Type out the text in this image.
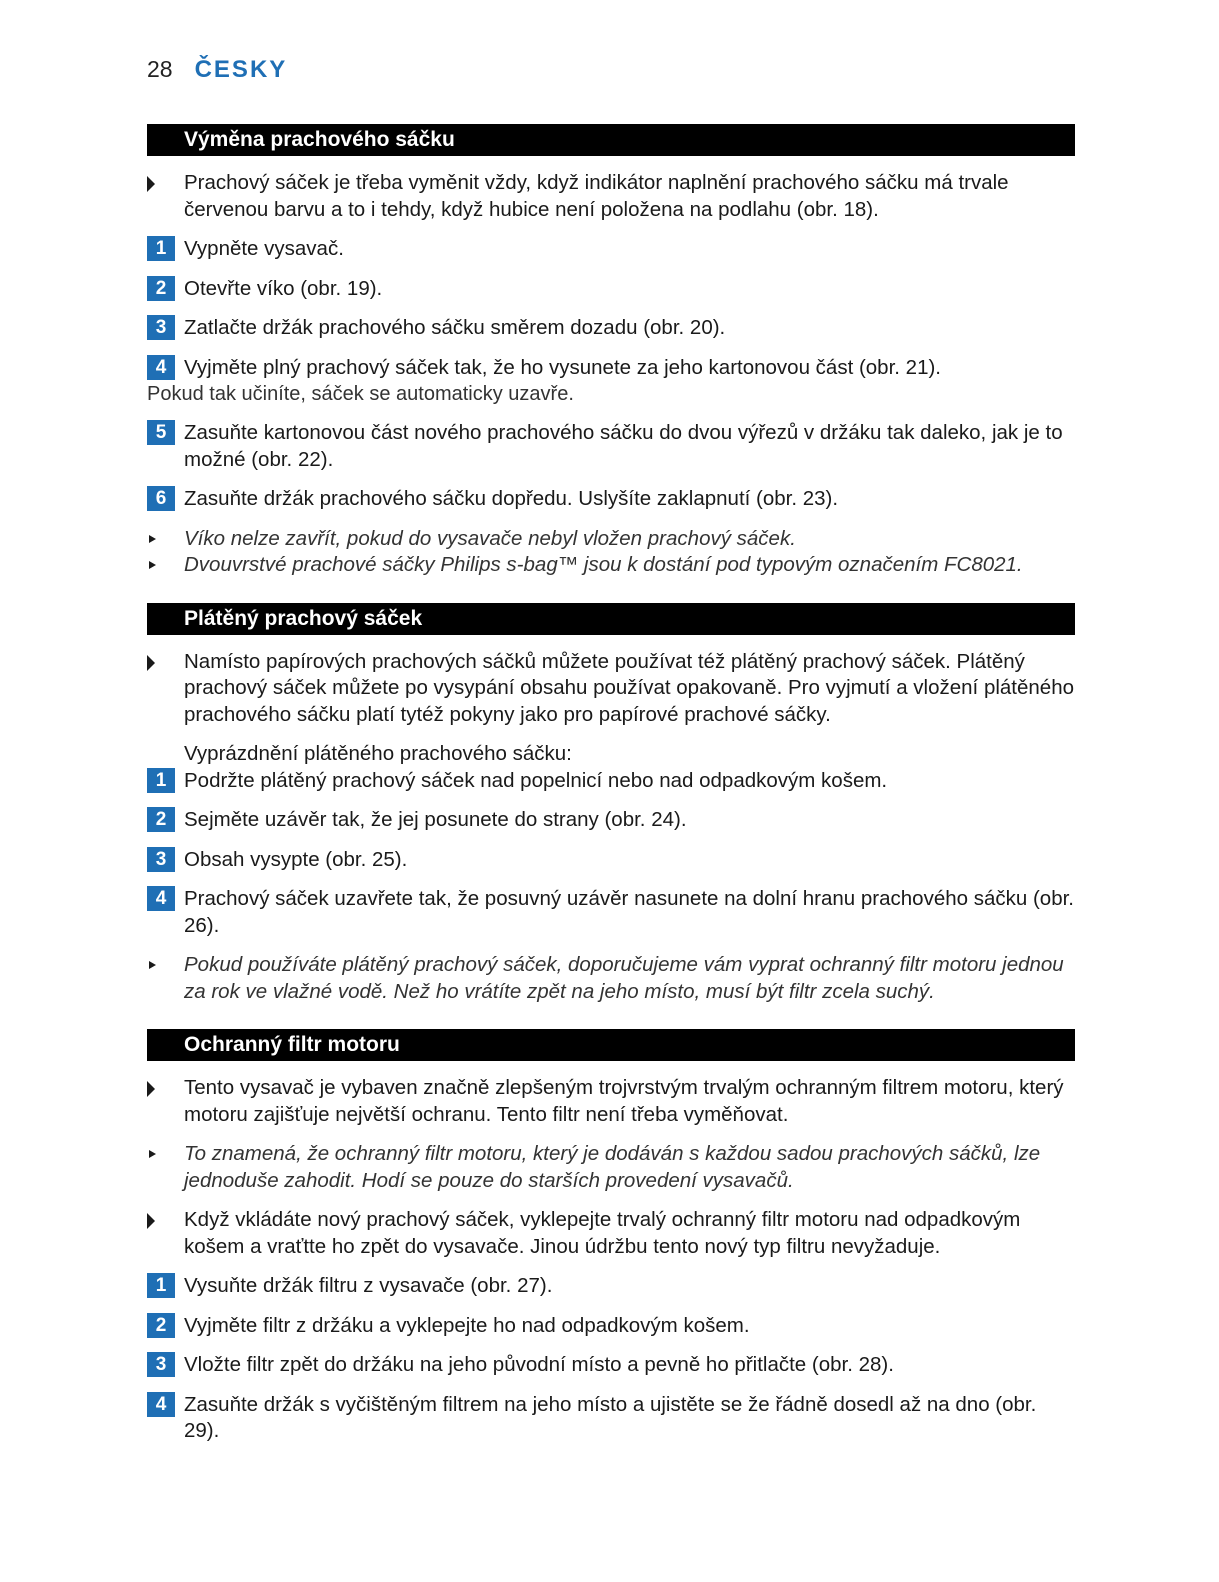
28 ČESKY
Výměna prachového sáčku
Prachový sáček je třeba vyměnit vždy, když indikátor naplnění prachového sáčku má trvale červenou barvu a to i tehdy, když hubice není položena na podlahu (obr. 18).
1 Vypněte vysavač.
2 Otevřte víko (obr. 19).
3 Zatlačte držák prachového sáčku směrem dozadu (obr. 20).
4 Vyjměte plný prachový sáček tak, že ho vysunete za jeho kartonovou část (obr. 21).
Pokud tak učiníte, sáček se automaticky uzavře.
5 Zasuňte kartonovou část nového prachového sáčku do dvou výřezů v držáku tak daleko, jak je to možné (obr. 22).
6 Zasuňte držák prachového sáčku dopředu. Uslyšíte zaklapnutí (obr. 23).
Víko nelze zavřít, pokud do vysavače nebyl vložen prachový sáček.
Dvouvrstvé prachové sáčky Philips s-bag™ jsou k dostání pod typovým označením FC8021.
Plátěný prachový sáček
Namísto papírových prachových sáčků můžete používat též plátěný prachový sáček. Plátěný prachový sáček můžete po vysypání obsahu používat opakovaně. Pro vyjmutí a vložení plátěného prachového sáčku platí tytéž pokyny jako pro papírové prachové sáčky.
Vyprázdnění plátěného prachového sáčku:
1 Podržte plátěný prachový sáček nad popelnicí nebo nad odpadkovým košem.
2 Sejměte uzávěr tak, že jej posunete do strany (obr. 24).
3 Obsah vysypte (obr. 25).
4 Prachový sáček uzavřete tak, že posuvný uzávěr nasunete na dolní hranu prachového sáčku (obr. 26).
Pokud používáte plátěný prachový sáček, doporučujeme vám vyprat ochranný filtr motoru jednou za rok ve vlažné vodě. Než ho vrátíte zpět na jeho místo, musí být filtr zcela suchý.
Ochranný filtr motoru
Tento vysavač je vybaven značně zlepšeným trojvrstvým trvalým ochranným filtrem motoru, který motoru zajišťuje největší ochranu. Tento filtr není třeba vyměňovat.
To znamená, že ochranný filtr motoru, který je dodáván s každou sadou prachových sáčků, lze jednoduše zahodit. Hodí se pouze do starších provedení vysavačů.
Když vkládáte nový prachový sáček, vyklepejte trvalý ochranný filtr motoru nad odpadkovým košem a vraťtte ho zpět do vysavače. Jinou údržbu tento nový typ filtru nevyžaduje.
1 Vysuňte držák filtru z vysavače (obr. 27).
2 Vyjměte filtr z držáku a vyklepejte ho nad odpadkovým košem.
3 Vložte filtr zpět do držáku na jeho původní místo a pevně ho přitlačte (obr. 28).
4 Zasuňte držák s vyčištěným filtrem na jeho místo a ujistěte se že řádně dosedl až na dno (obr. 29).
